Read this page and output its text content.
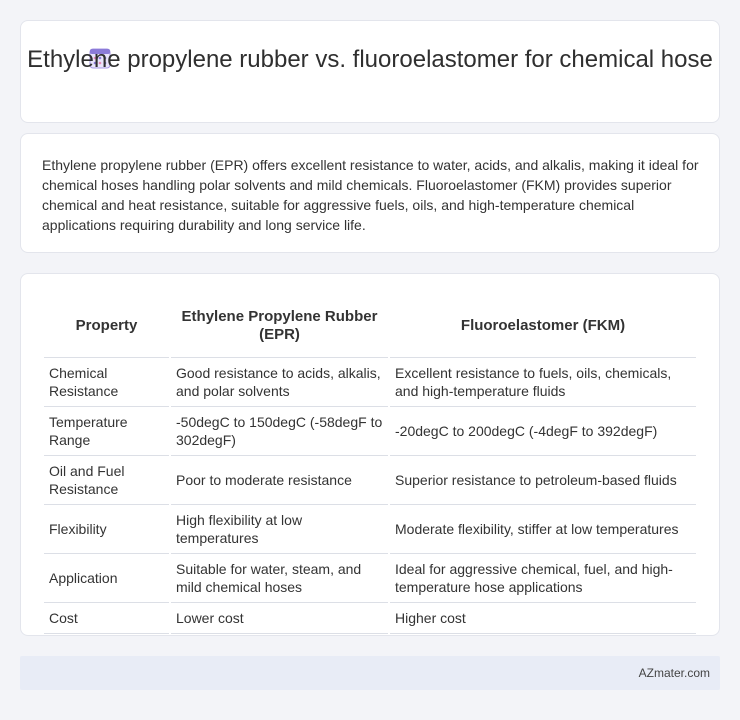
Ethylene propylene rubber vs. fluoroelastomer for chemical hose

Ethylene propylene rubber (EPR) offers excellent resistance to water, acids, and alkalis, making it ideal for chemical hoses handling polar solvents and mild chemicals. Fluoroelastomer (FKM) provides superior chemical and heat resistance, suitable for aggressive fuels, oils, and high-temperature chemical applications requiring durability and long service life.

Property	Ethylene Propylene Rubber (EPR)	Fluoroelastomer (FKM)
Chemical Resistance	Good resistance to acids, alkalis, and polar solvents	Excellent resistance to fuels, oils, chemicals, and high-temperature fluids
Temperature Range	-50degC to 150degC (-58degF to 302degF)	-20degC to 200degC (-4degF to 392degF)
Oil and Fuel Resistance	Poor to moderate resistance	Superior resistance to petroleum-based fluids
Flexibility	High flexibility at low temperatures	Moderate flexibility, stiffer at low temperatures
Application	Suitable for water, steam, and mild chemical hoses	Ideal for aggressive chemical, fuel, and high-temperature hose applications
Cost	Lower cost	Higher cost
AZmater.com
